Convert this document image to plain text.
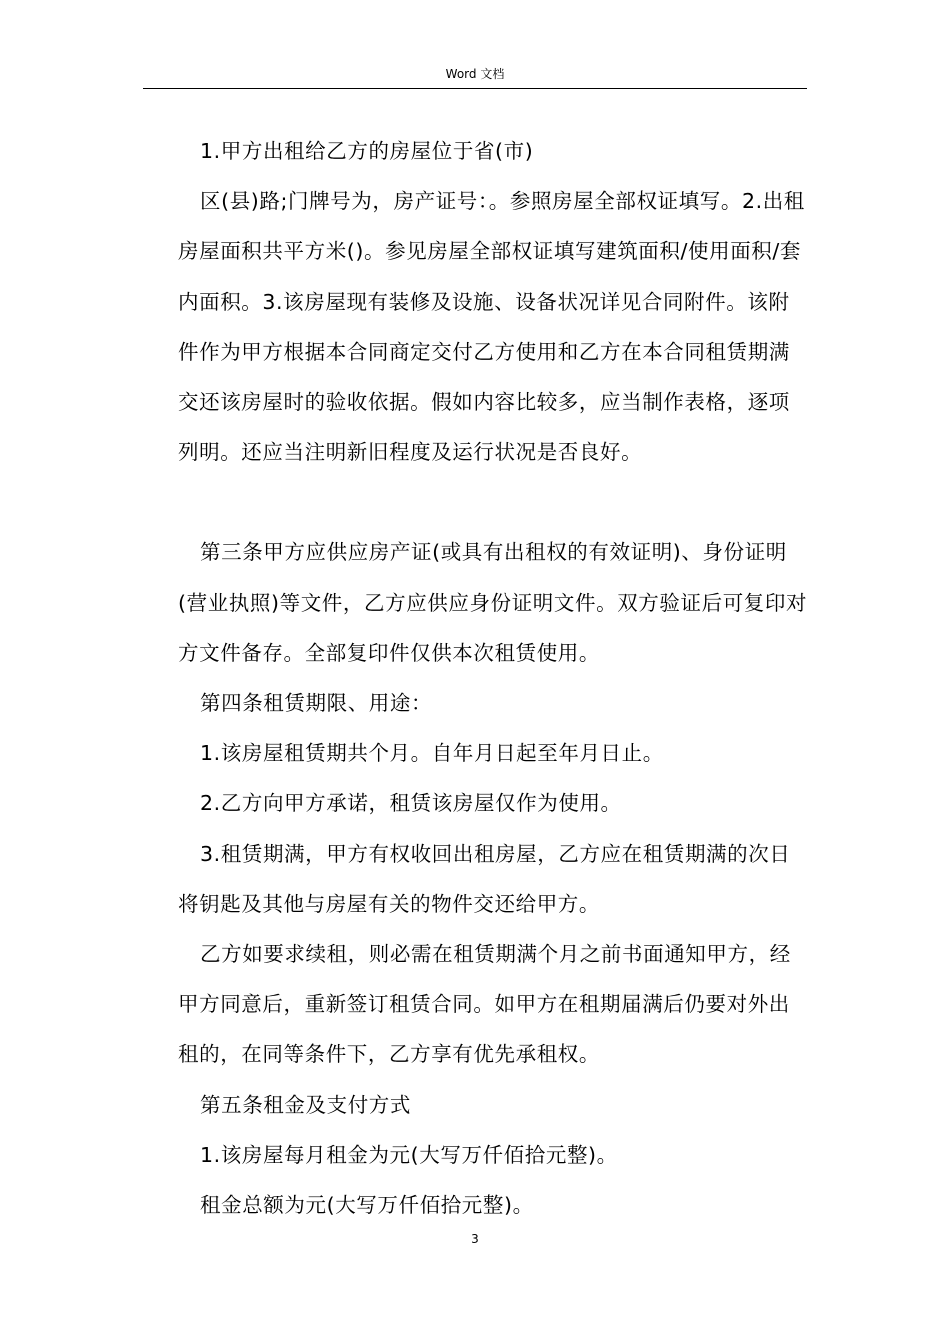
Word 文档

1.甲方出租给乙方的房屋位于省(市)

区(县)路;门牌号为，房产证号：。参照房屋全部权证填写。2.出租房屋面积共平方米()。参见房屋全部权证填写建筑面积/使用面积/套内面积。3.该房屋现有装修及设施、设备状况详见合同附件。该附件作为甲方根据本合同商定交付乙方使用和乙方在本合同租赁期满交还该房屋时的验收依据。假如内容比较多，应当制作表格，逐项列明。还应当注明新旧程度及运行状况是否良好。

第三条甲方应供应房产证(或具有出租权的有效证明)、身份证明(营业执照)等文件，乙方应供应身份证明文件。双方验证后可复印对方文件备存。全部复印件仅供本次租赁使用。

第四条租赁期限、用途：

1.该房屋租赁期共个月。自年月日起至年月日止。

2.乙方向甲方承诺，租赁该房屋仅作为使用。

3.租赁期满，甲方有权收回出租房屋，乙方应在租赁期满的次日将钥匙及其他与房屋有关的物件交还给甲方。

乙方如要求续租，则必需在租赁期满个月之前书面通知甲方，经甲方同意后，重新签订租赁合同。如甲方在租期届满后仍要对外出租的，在同等条件下，乙方享有优先承租权。

第五条租金及支付方式

1.该房屋每月租金为元(大写万仟佰拾元整)。

租金总额为元(大写万仟佰拾元整)。

3
